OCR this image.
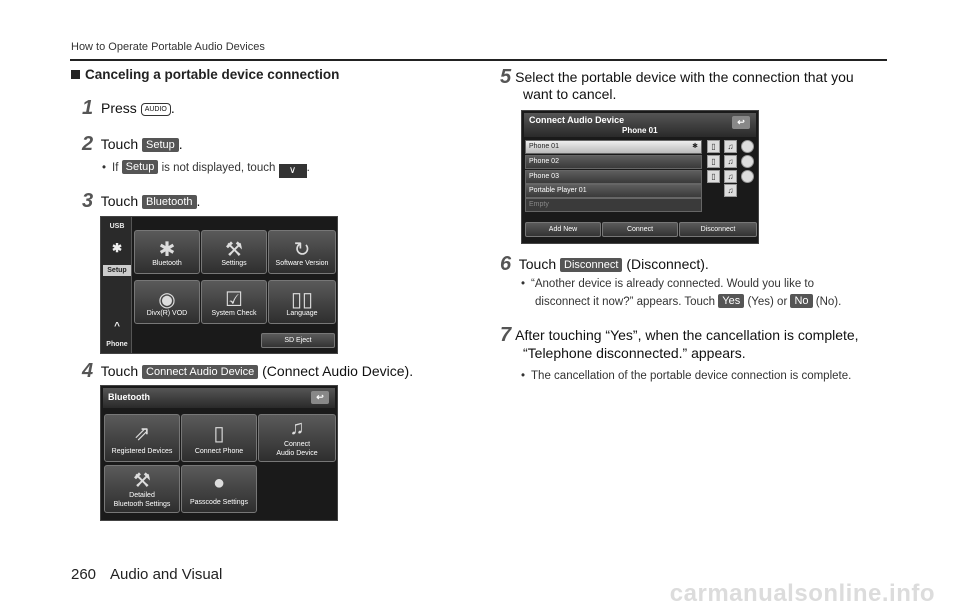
How to Operate Portable Audio Devices
Canceling a portable device connection
1 Press AUDIO .
2 Touch Setup .
• If Setup is not displayed, touch ∨ .
3 Touch Bluetooth .
USB
✱
Setup
^
Phone
✱
Bluetooth
⚒
Settings
↻
Software Version
◉
Divx(R) VOD
☑
System Check
▯▯
Language
SD Eject
4 Touch Connect Audio Device (Connect Audio Device).
Bluetooth	↩
⇗
Registered Devices
▯
Connect Phone
♫
Connect
Audio Device
⚒
Detailed
Bluetooth Settings
●
Passcode Settings
5 Select the portable device with the connection that you
want to cancel.
Connect Audio Device
Phone 01
↩
Phone 01	✱
Phone 02
Phone 03
Portable Player 01
Empty
▯	♫
▯	♫
▯	♫
♫
Add New	Connect	Disconnect
6 Touch Disconnect (Disconnect).
• “Another device is already connected. Would you like to
disconnect it now?” appears. Touch Yes (Yes) or No (No).
7 After touching “Yes”, when the cancellation is complete,
“Telephone disconnected.” appears.
• The cancellation of the portable device connection is complete.
260 Audio and Visual
carmanualsonline.info
